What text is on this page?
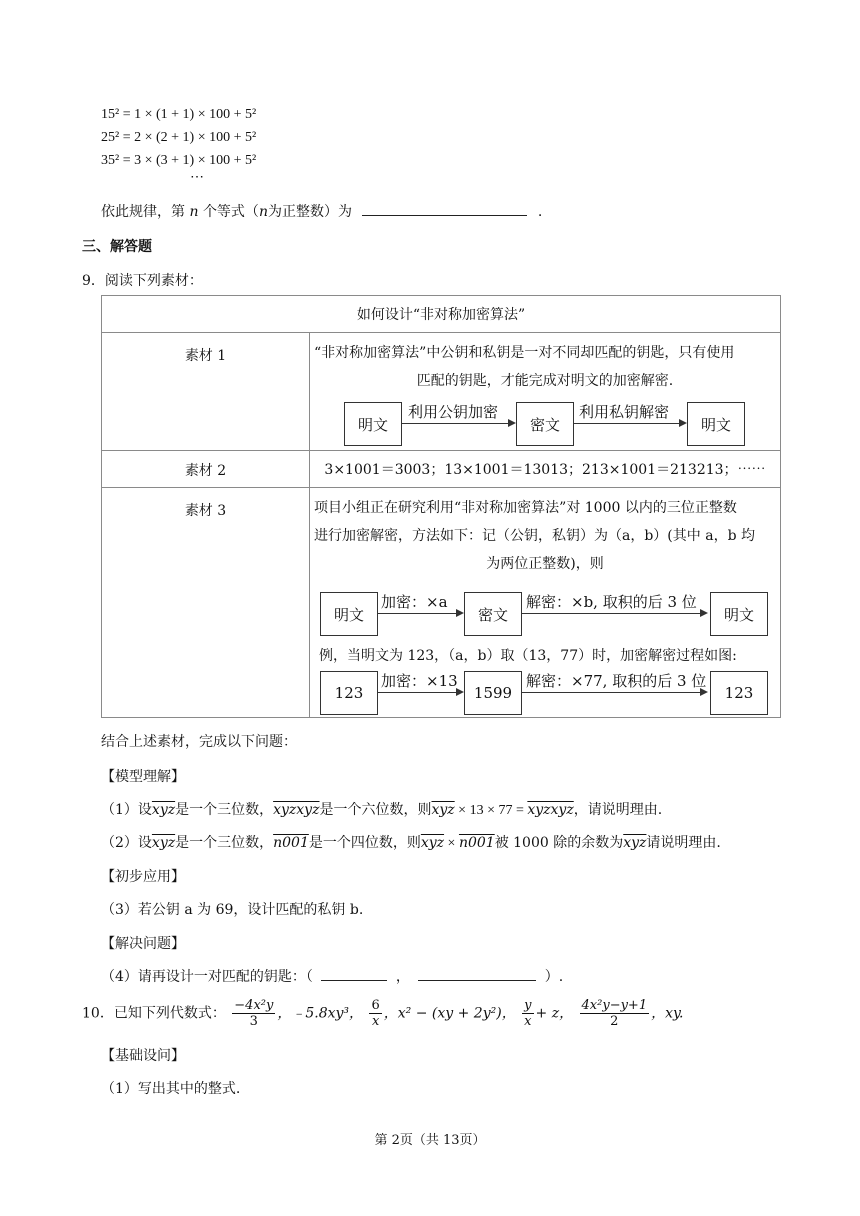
15² = 1 × (1 + 1) × 100 + 5²
25² = 2 × (2 + 1) × 100 + 5²
35² = 3 × (3 + 1) × 100 + 5²
⋯
依此规律，第 n 个等式（n为正整数）为	.
三、解答题
9．阅读下列素材：
如何设计“非对称加密算法”	
素材 1	“非对称加密算法”中公钥和私钥是一对不同却匹配的钥匙，只有使用
匹配的钥匙，才能完成对明文的加密解密.

素材 2	3×1001＝3003；13×1001＝13013；213×1001＝213213；⋯⋯
素材 3	项目小组正在研究利用“非对称加密算法”对 1000 以内的三位正整数
进行加密解密，方法如下：记（公钥，私钥）为（a，b）(其中 a，b 均
为两位正整数)，则
明文
利用公钥加密
密文
利用私钥解密
明文
明文
加密：×a
密文
解密：×b, 取积的后 3 位
明文
例，当明文为 123，（a，b）取（13，77）时，加密解密过程如图:
123
加密：×13
1599
解密：×77, 取积的后 3 位
123
结合上述素材，完成以下问题：
【模型理解】
（1）设$\overline{xyz}$是一个三位数，xyzxyz是一个六位数，则$\overline{xyz} \times 13 \times 77$ = xyzxyz，请说明理由.
（2）设$\overline{xyz}$是一个三位数，n001是一个四位数，则$\overline{xyz} \times n001$被 1000 除的余数为$\overline{xyz}$请说明理由.
【初步应用】
（3）若公钥 a 为 69，设计匹配的私钥 b.
【解决问题】
（4）请再设计一对匹配的钥匙：（	，	）.
10．已知下列代数式： $\frac{\text{−4x²y}}{3}$ ，﹣5.8xy³， $\frac{6}{x}$ ，x² − (xy + 2y²)， $\frac{y}{x} + z$， $\frac{\text{4x²y−y+1}}{2}$ ，xy.
【基础设问】
（1）写出其中的整式.
第 2页（共 13页）
